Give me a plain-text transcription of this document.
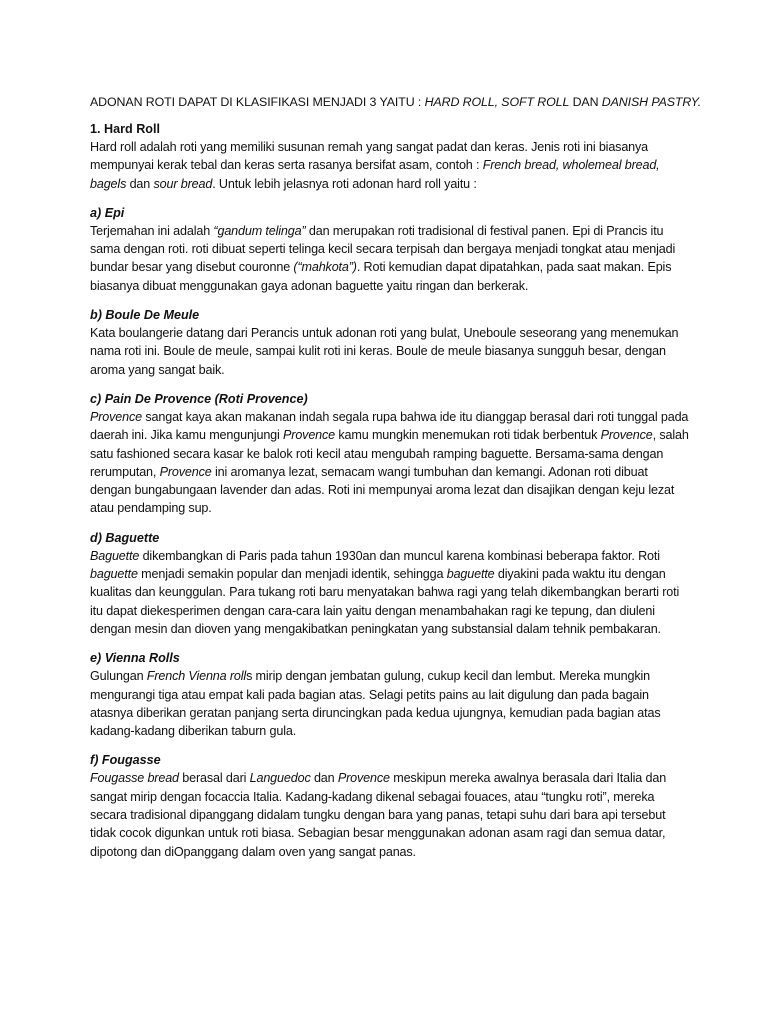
ADONAN ROTI DAPAT DI KLASIFIKASI MENJADI 3 YAITU : HARD ROLL, SOFT ROLL DAN DANISH PASTRY.

1. Hard Roll

Hard roll adalah roti yang memiliki susunan remah yang sangat padat dan keras. Jenis roti ini biasanya mempunyai kerak tebal dan keras serta rasanya bersifat asam, contoh : French bread, wholemeal bread, bagels dan sour bread. Untuk lebih jelasnya roti adonan hard roll yaitu :

a) Epi

Terjemahan ini adalah “gandum telinga” dan merupakan roti tradisional di festival panen. Epi di Prancis itu sama dengan roti. roti dibuat seperti telinga kecil secara terpisah dan bergaya menjadi tongkat atau menjadi bundar besar yang disebut couronne (“mahkota”). Roti kemudian dapat dipatahkan, pada saat makan. Epis biasanya dibuat menggunakan gaya adonan baguette yaitu ringan dan berkerak.

b) Boule De Meule

Kata boulangerie datang dari Perancis untuk adonan roti yang bulat, Uneboule seseorang yang menemukan nama roti ini. Boule de meule, sampai kulit roti ini keras. Boule de meule biasanya sungguh besar, dengan aroma yang sangat baik.

c) Pain De Provence (Roti Provence)

Provence sangat kaya akan makanan indah segala rupa bahwa ide itu dianggap berasal dari roti tunggal pada daerah ini. Jika kamu mengunjungi Provence kamu mungkin menemukan roti tidak berbentuk Provence, salah satu fashioned secara kasar ke balok roti kecil atau mengubah ramping baguette. Bersama-sama dengan rerumputan, Provence ini aromanya lezat, semacam wangi tumbuhan dan kemangi. Adonan roti dibuat dengan bungabungaan lavender dan adas. Roti ini mempunyai aroma lezat dan disajikan dengan keju lezat atau pendamping sup.

d) Baguette

Baguette dikembangkan di Paris pada tahun 1930an dan muncul karena kombinasi beberapa faktor. Roti baguette menjadi semakin popular dan menjadi identik, sehingga baguette diyakini pada waktu itu dengan kualitas dan keunggulan. Para tukang roti baru menyatakan bahwa ragi yang telah dikembangkan berarti roti itu dapat diekesperimen dengan cara-cara lain yaitu dengan menambahakan ragi ke tepung, dan diuleni dengan mesin dan dioven yang mengakibatkan peningkatan yang substansial dalam tehnik pembakaran.

e) Vienna Rolls

Gulungan French Vienna rolls mirip dengan jembatan gulung, cukup kecil dan lembut. Mereka mungkin mengurangi tiga atau empat kali pada bagian atas. Selagi petits pains au lait digulung dan pada bagain atasnya diberikan geratan panjang serta diruncingkan pada kedua ujungnya, kemudian pada bagian atas kadang-kadang diberikan taburn gula.

f) Fougasse

Fougasse bread berasal dari Languedoc dan Provence meskipun mereka awalnya berasala dari Italia dan sangat mirip dengan focaccia Italia. Kadang-kadang dikenal sebagai fouaces, atau “tungku roti”, mereka secara tradisional dipanggang didalam tungku dengan bara yang panas, tetapi suhu dari bara api tersebut tidak cocok digunkan untuk roti biasa. Sebagian besar menggunakan adonan asam ragi dan semua datar, dipotong dan diOpanggang dalam oven yang sangat panas.
